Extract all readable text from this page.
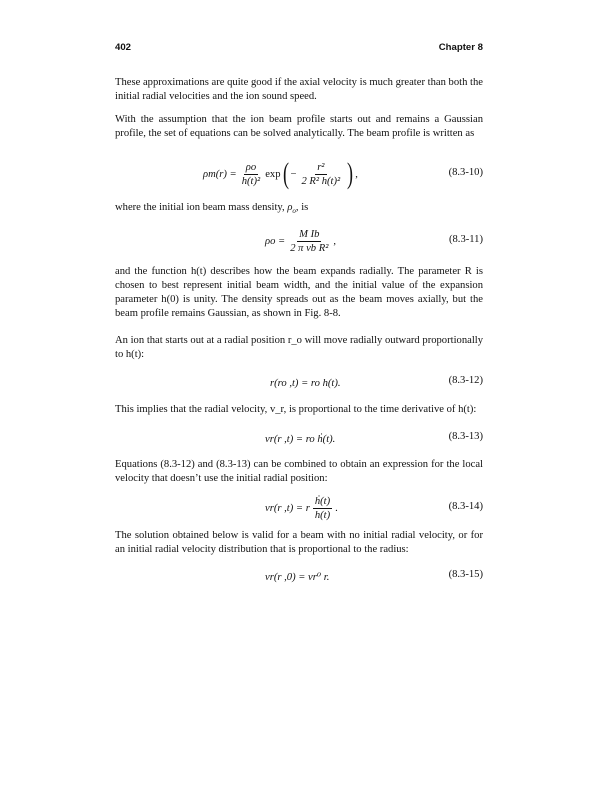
402	Chapter 8
These approximations are quite good if the axial velocity is much greater than both the initial radial velocities and the ion sound speed.
With the assumption that the ion beam profile starts out and remains a Gaussian profile, the set of equations can be solved analytically. The beam profile is written as
$\rho m(r) = \frac{\rho o}{\text{h(t)²}}$ exp ( − $\frac{\text{r²}}{\text{2 R² h(t)²}}$ ) ,	(8.3-10)
where the initial ion beam mass density, $\rho_o$, is
$\rho o = \frac{\text{M Ib}}{\text{2 π vb R²}}$ ,	(8.3-11)
and the function h(t) describes how the beam expands radially. The parameter R is chosen to best represent initial beam width, and the initial value of the expansion parameter h(0) is unity. The density spreads out as the beam moves axially, but the beam profile remains Gaussian, as shown in Fig. 8-8.
An ion that starts out at a radial position r_o will move radially outward proportionally to h(t):
r(ro ,t) = ro h(t).	(8.3-12)
This implies that the radial velocity, v_r, is proportional to the time derivative of h(t):
vr(r ,t) = ro ḣ(t).	(8.3-13)
Equations (8.3-12) and (8.3-13) can be combined to obtain an expression for the local velocity that doesn’t use the initial radial position:
vr(r ,t) = r $\frac{\text{ḣ(t)}}{h(t)}$ .	(8.3-14)
The solution obtained below is valid for a beam with no initial radial velocity, or for an initial radial velocity distribution that is proportional to the radius:
vr(r ,0) = vr⁰ r.	(8.3-15)
